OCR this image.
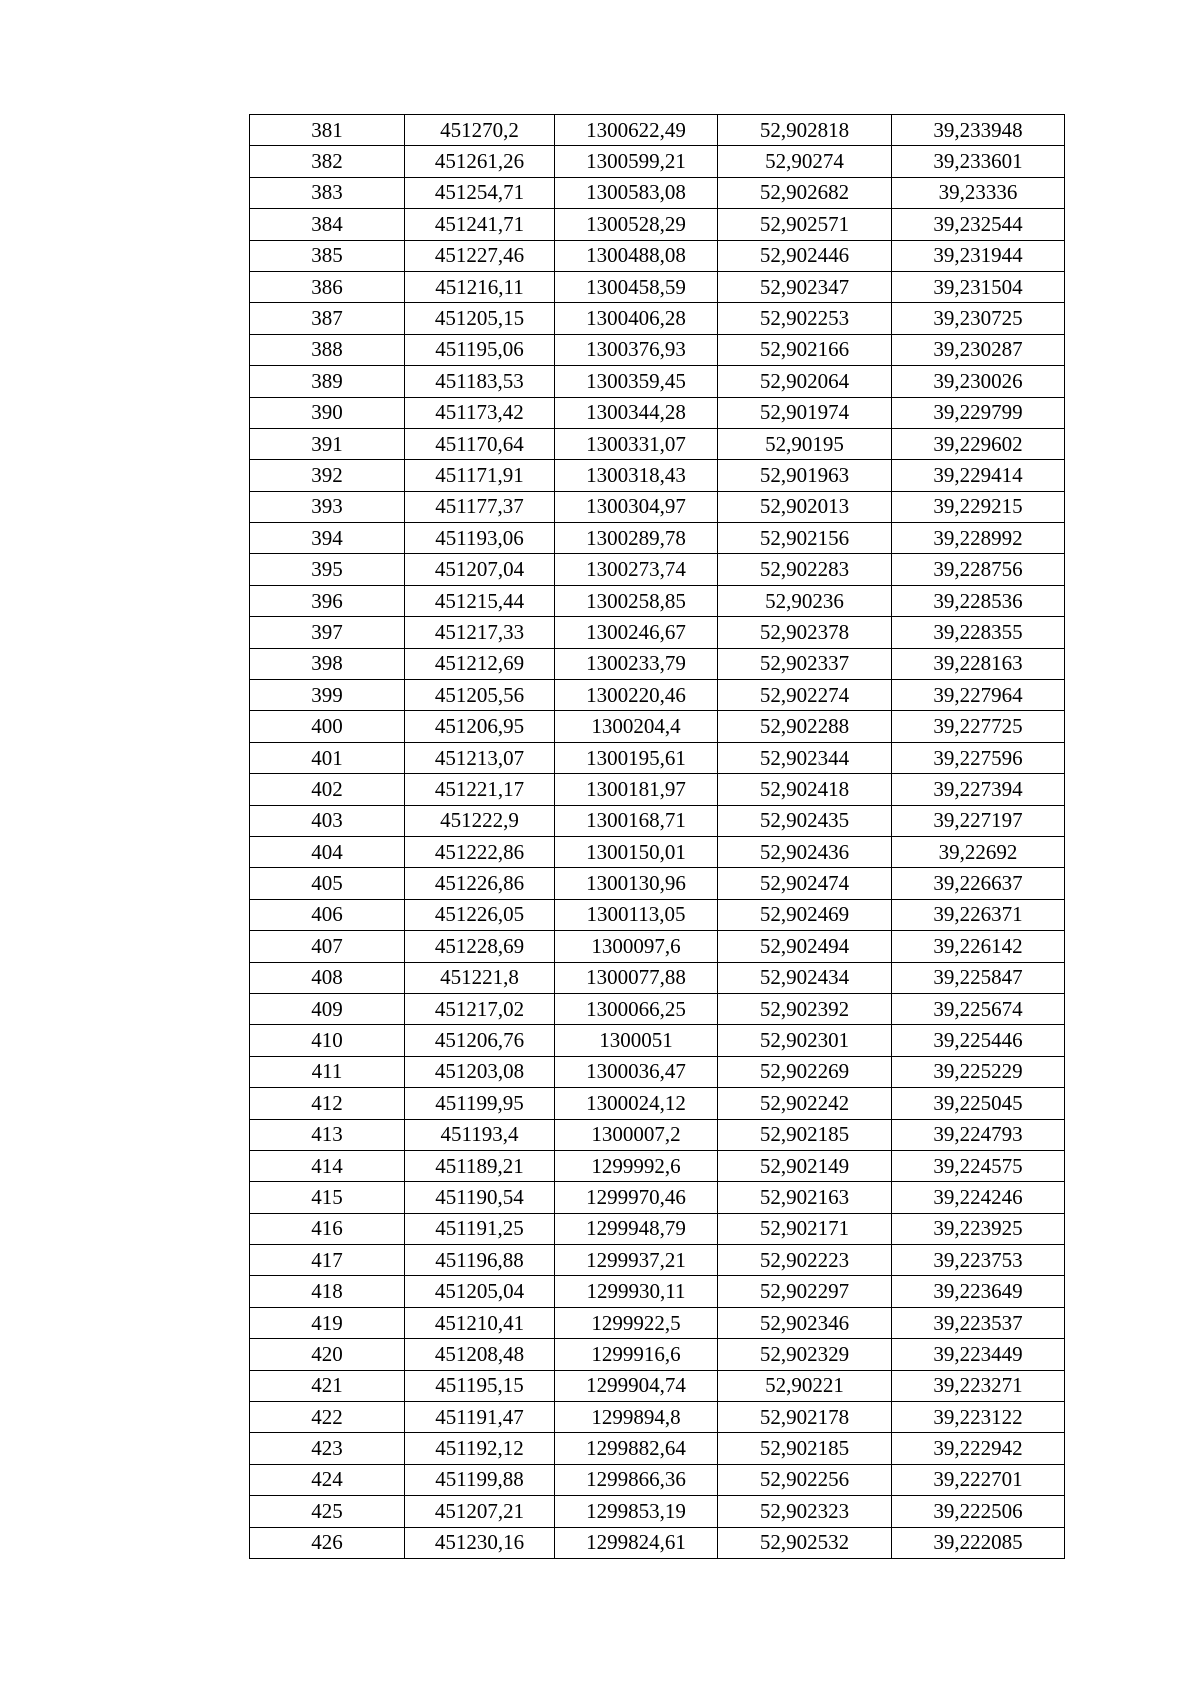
381	451270,2	1300622,49	52,902818	39,233948
382	451261,26	1300599,21	52,90274	39,233601
383	451254,71	1300583,08	52,902682	39,23336
384	451241,71	1300528,29	52,902571	39,232544
385	451227,46	1300488,08	52,902446	39,231944
386	451216,11	1300458,59	52,902347	39,231504
387	451205,15	1300406,28	52,902253	39,230725
388	451195,06	1300376,93	52,902166	39,230287
389	451183,53	1300359,45	52,902064	39,230026
390	451173,42	1300344,28	52,901974	39,229799
391	451170,64	1300331,07	52,90195	39,229602
392	451171,91	1300318,43	52,901963	39,229414
393	451177,37	1300304,97	52,902013	39,229215
394	451193,06	1300289,78	52,902156	39,228992
395	451207,04	1300273,74	52,902283	39,228756
396	451215,44	1300258,85	52,90236	39,228536
397	451217,33	1300246,67	52,902378	39,228355
398	451212,69	1300233,79	52,902337	39,228163
399	451205,56	1300220,46	52,902274	39,227964
400	451206,95	1300204,4	52,902288	39,227725
401	451213,07	1300195,61	52,902344	39,227596
402	451221,17	1300181,97	52,902418	39,227394
403	451222,9	1300168,71	52,902435	39,227197
404	451222,86	1300150,01	52,902436	39,22692
405	451226,86	1300130,96	52,902474	39,226637
406	451226,05	1300113,05	52,902469	39,226371
407	451228,69	1300097,6	52,902494	39,226142
408	451221,8	1300077,88	52,902434	39,225847
409	451217,02	1300066,25	52,902392	39,225674
410	451206,76	1300051	52,902301	39,225446
411	451203,08	1300036,47	52,902269	39,225229
412	451199,95	1300024,12	52,902242	39,225045
413	451193,4	1300007,2	52,902185	39,224793
414	451189,21	1299992,6	52,902149	39,224575
415	451190,54	1299970,46	52,902163	39,224246
416	451191,25	1299948,79	52,902171	39,223925
417	451196,88	1299937,21	52,902223	39,223753
418	451205,04	1299930,11	52,902297	39,223649
419	451210,41	1299922,5	52,902346	39,223537
420	451208,48	1299916,6	52,902329	39,223449
421	451195,15	1299904,74	52,90221	39,223271
422	451191,47	1299894,8	52,902178	39,223122
423	451192,12	1299882,64	52,902185	39,222942
424	451199,88	1299866,36	52,902256	39,222701
425	451207,21	1299853,19	52,902323	39,222506
426	451230,16	1299824,61	52,902532	39,222085
